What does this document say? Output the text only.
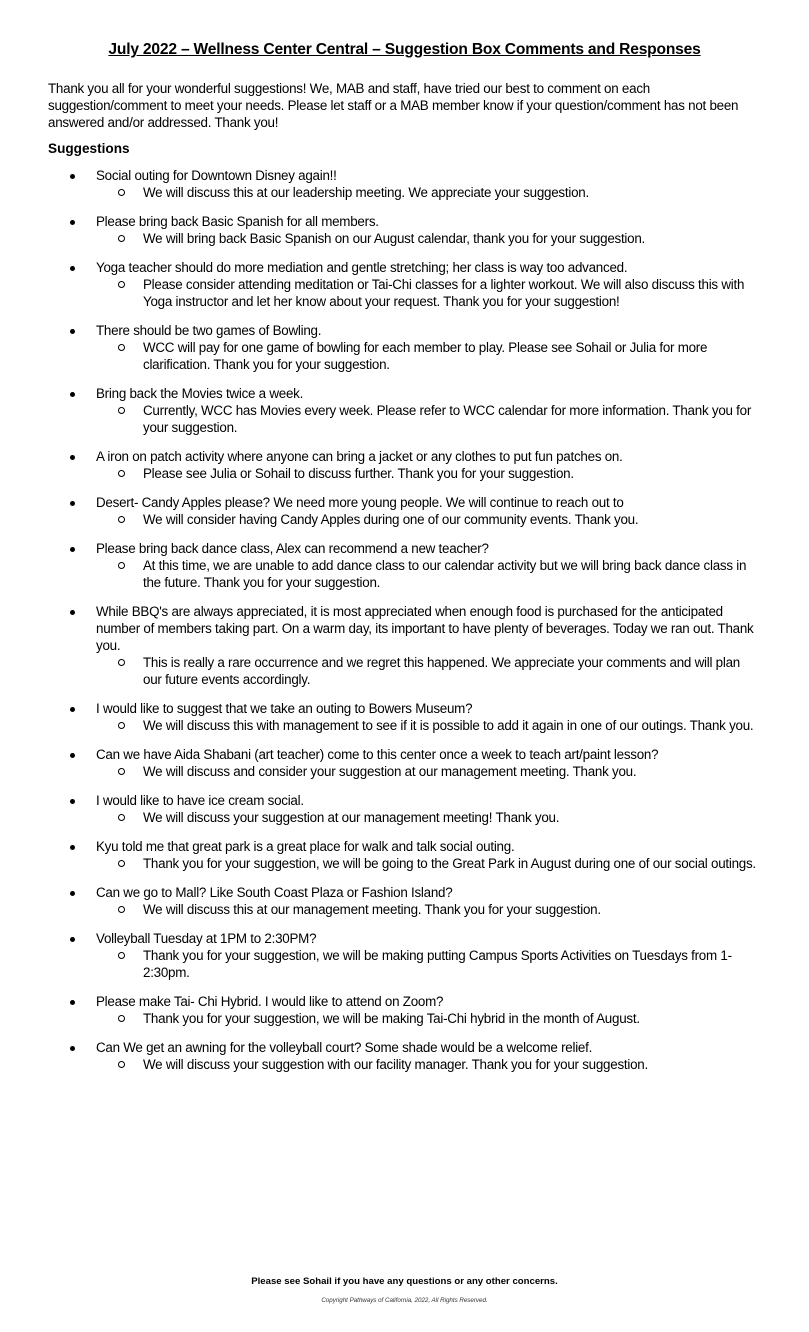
July 2022 – Wellness Center Central – Suggestion Box Comments and Responses
Thank you all for your wonderful suggestions! We, MAB and staff, have tried our best to comment on each suggestion/comment to meet your needs. Please let staff or a MAB member know if your question/comment has not been answered and/or addressed. Thank you!
Suggestions
Social outing for Downtown Disney again!!
We will discuss this at our leadership meeting. We appreciate your suggestion.
Please bring back Basic Spanish for all members.
We will bring back Basic Spanish on our August calendar, thank you for your suggestion.
Yoga teacher should do more mediation and gentle stretching; her class is way too advanced.
Please consider attending meditation or Tai-Chi classes for a lighter workout. We will also discuss this with Yoga instructor and let her know about your request. Thank you for your suggestion!
There should be two games of Bowling.
WCC will pay for one game of bowling for each member to play. Please see Sohail or Julia for more clarification. Thank you for your suggestion.
Bring back the Movies twice a week.
Currently, WCC has Movies every week. Please refer to WCC calendar for more information. Thank you for your suggestion.
A iron on patch activity where anyone can bring a jacket or any clothes to put fun patches on.
Please see Julia or Sohail to discuss further. Thank you for your suggestion.
Desert- Candy Apples please? We need more young people. We will continue to reach out to
We will consider having Candy Apples during one of our community events. Thank you.
Please bring back dance class, Alex can recommend a new teacher?
At this time, we are unable to add dance class to our calendar activity but we will bring back dance class in the future. Thank you for your suggestion.
While BBQ's are always appreciated, it is most appreciated when enough food is purchased for the anticipated number of members taking part. On a warm day, its important to have plenty of beverages. Today we ran out. Thank you.
This is really a rare occurrence and we regret this happened. We appreciate your comments and will plan our future events accordingly.
I would like to suggest that we take an outing to Bowers Museum?
We will discuss this with management to see if it is possible to add it again in one of our outings. Thank you.
Can we have Aida Shabani (art teacher) come to this center once a week to teach art/paint lesson?
We will discuss and consider your suggestion at our management meeting. Thank you.
I would like to have ice cream social.
We will discuss your suggestion at our management meeting! Thank you.
Kyu told me that great park is a great place for walk and talk social outing.
Thank you for your suggestion, we will be going to the Great Park in August during one of our social outings.
Can we go to Mall? Like South Coast Plaza or Fashion Island?
We will discuss this at our management meeting. Thank you for your suggestion.
Volleyball Tuesday at 1PM to 2:30PM?
Thank you for your suggestion, we will be making putting Campus Sports Activities on Tuesdays from 1-2:30pm.
Please make Tai- Chi Hybrid. I would like to attend on Zoom?
Thank you for your suggestion, we will be making Tai-Chi hybrid in the month of August.
Can We get an awning for the volleyball court? Some shade would be a welcome relief.
We will discuss your suggestion with our facility manager. Thank you for your suggestion.
Please see Sohail if you have any questions or any other concerns.
Copyright Pathways of California, 2022, All Rights Reserved.
